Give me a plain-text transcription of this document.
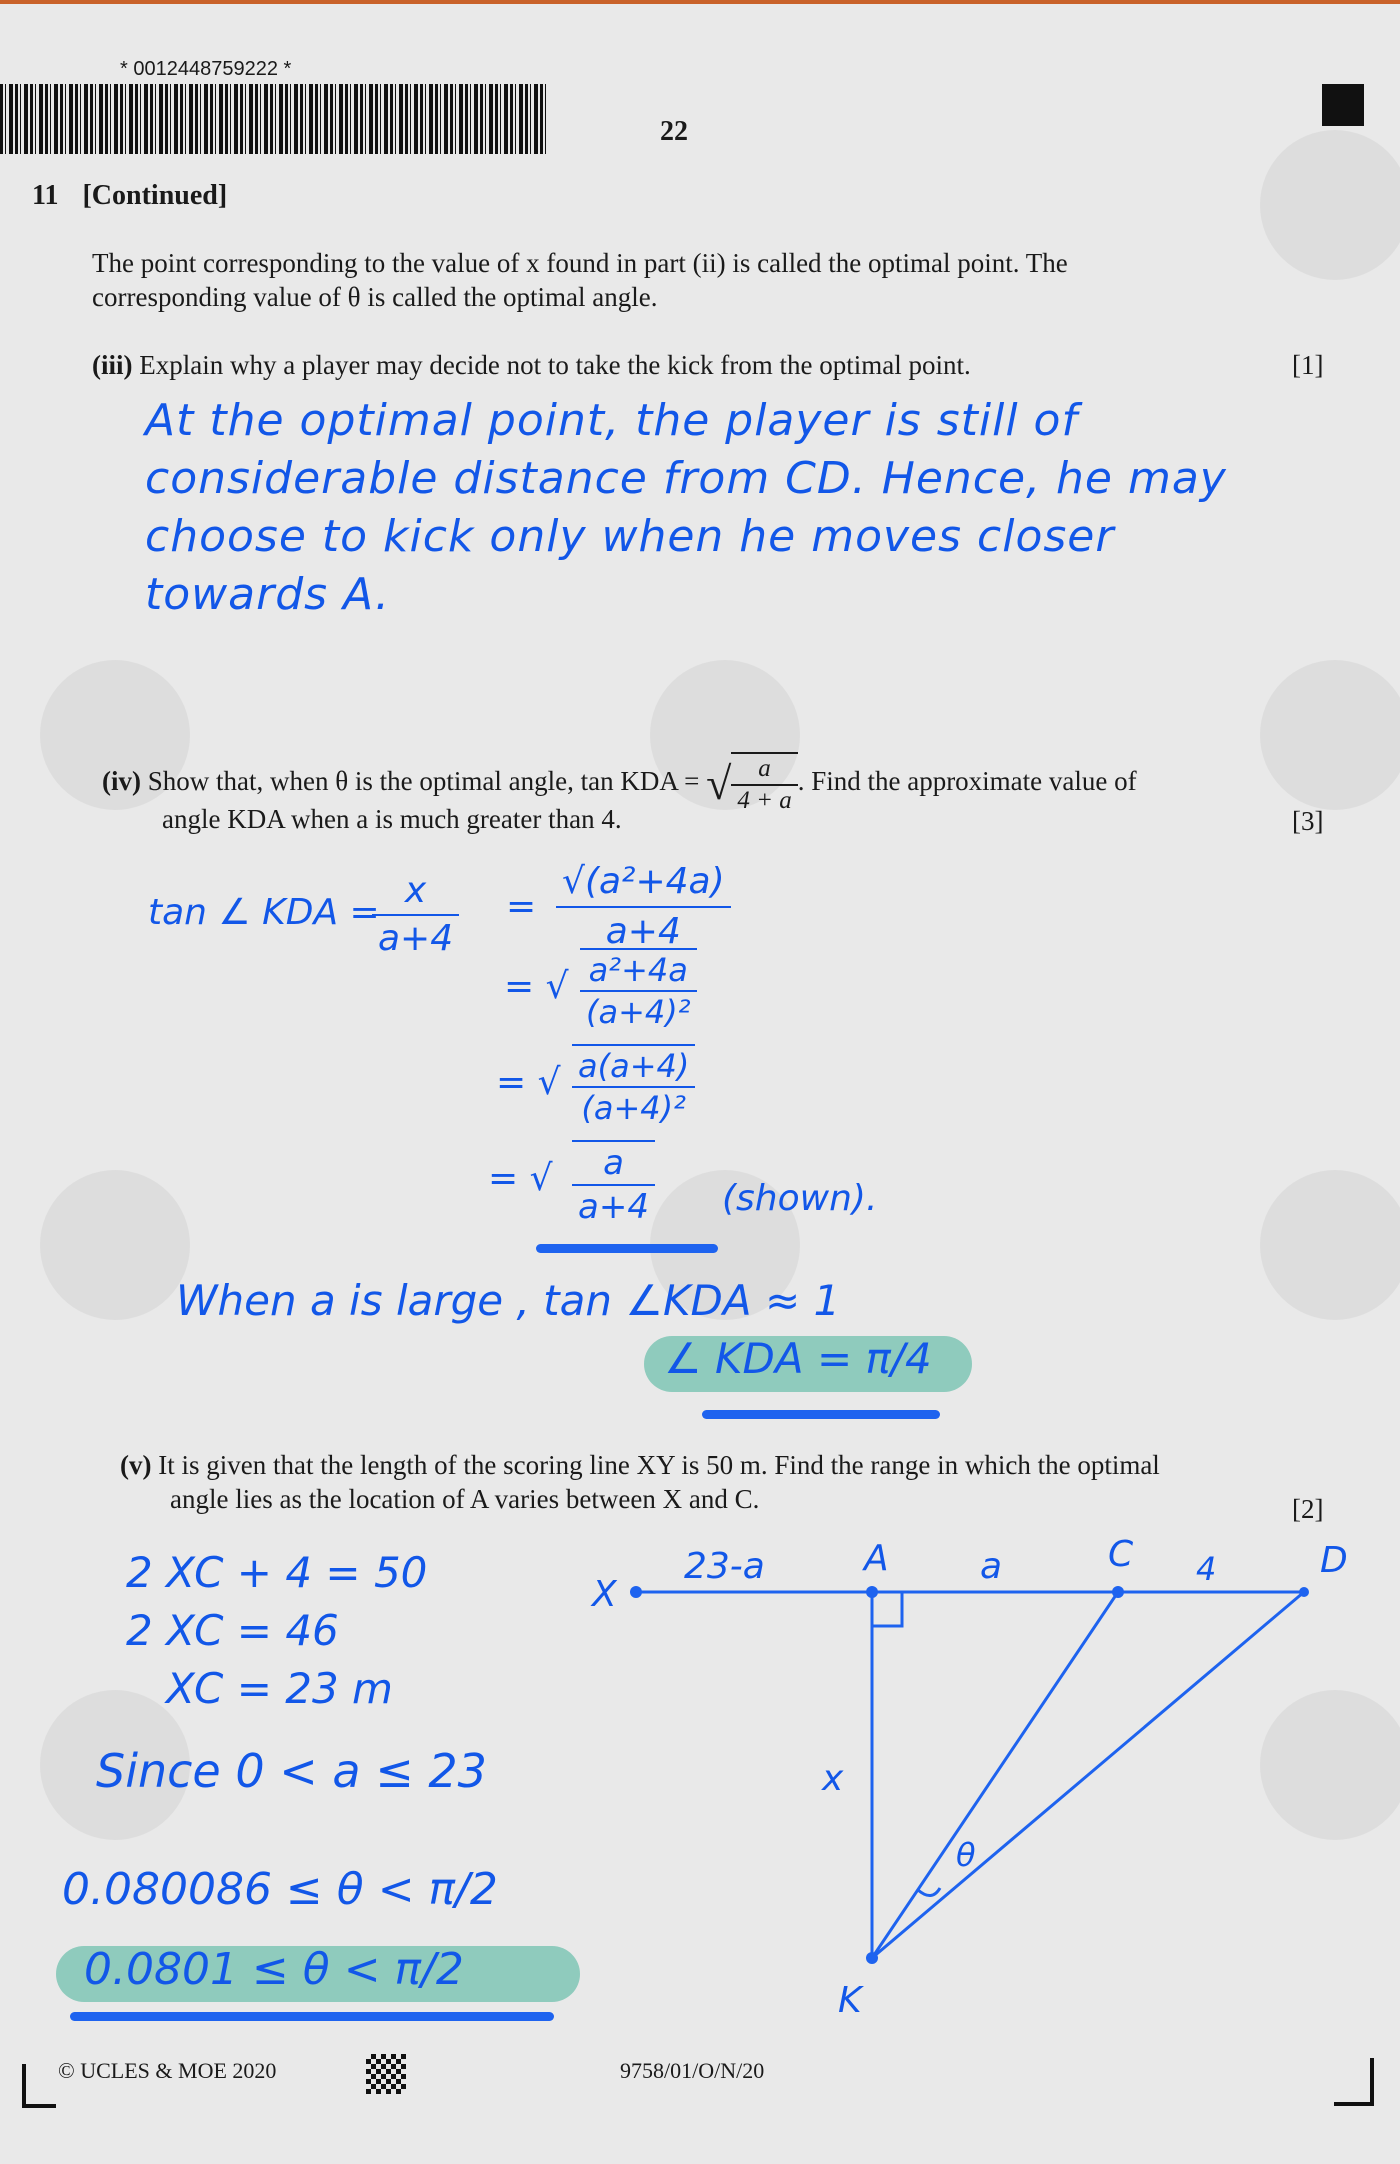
* 0012448759222 *
22
11 [Continued]
The point corresponding to the value of x found in part (ii) is called the optimal point. The
corresponding value of θ is called the optimal angle.
(iii) Explain why a player may decide not to take the kick from the optimal point.	[1]
At the optimal point, the player is still of
considerable distance from CD. Hence, he may
choose to kick only when he moves closer
towards A.
(iv) Show that, when θ is the optimal angle, tan KDA = √ $\frac{a}{4 + a}$ . Find the approximate value of
angle KDA when a is much greater than 4.	[3]
tan ∠ KDA =
$\frac{x}{a+4} = \frac{\text{√(a²+4a)}}{a+4}$
= √ $\frac{\text{a²+4a}}{\text{(a+4)²}}$
= √ $\frac{a(a+4)}{\text{(a+4)²}}$
= √ $\frac{a}{a+4}$ (shown).
When a is large , tan ∠KDA ≈ 1
∠ KDA = π/4
(v) It is given that the length of the scoring line XY is 50 m. Find the range in which the optimal
angle lies as the location of A varies between X and C.	[2]
2 XC + 4 = 50
2 XC = 46
XC = 23 m
Since 0 < a ≤ 23
0.080086 ≤ θ < π/2
0.0801 ≤ θ < π/2
X
A	C	D
K
x
θ
23-a	a	4
© UCLES & MOE 2020	9758/01/O/N/20
